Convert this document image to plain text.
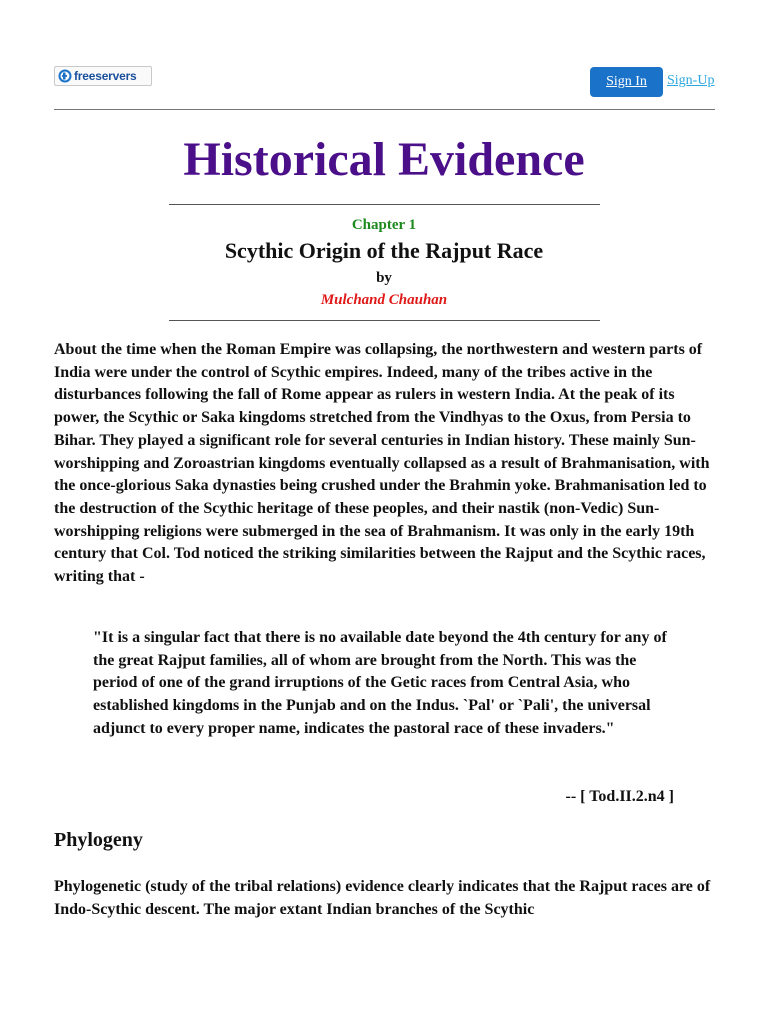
freeservers	Sign In	Sign-Up
Historical Evidence
Chapter 1
Scythic Origin of the Rajput Race
by
Mulchand Chauhan

About the time when the Roman Empire was collapsing, the northwestern and western parts of India were under the control of Scythic empires. Indeed, many of the tribes active in the disturbances following the fall of Rome appear as rulers in western India. At the peak of its power, the Scythic or Saka kingdoms stretched from the Vindhyas to the Oxus, from Persia to Bihar. They played a significant role for several centuries in Indian history. These mainly Sun-worshipping and Zoroastrian kingdoms eventually collapsed as a result of Brahmanisation, with the once-glorious Saka dynasties being crushed under the Brahmin yoke. Brahmanisation led to the destruction of the Scythic heritage of these peoples, and their nastik (non-Vedic) Sun-worshipping religions were submerged in the sea of Brahmanism. It was only in the early 19th century that Col. Tod noticed the striking similarities between the Rajput and the Scythic races, writing that -

"It is a singular fact that there is no available date beyond the 4th century for any of the great Rajput families, all of whom are brought from the North. This was the period of one of the grand irruptions of the Getic races from Central Asia, who established kingdoms in the Punjab and on the Indus. `Pal' or `Pali', the universal adjunct to every proper name, indicates the pastoral race of these invaders."

-- [ Tod.II.2.n4 ]
Phylogeny

Phylogenetic (study of the tribal relations) evidence clearly indicates that the Rajput races are of Indo-Scythic descent. The major extant Indian branches of the Scythic
